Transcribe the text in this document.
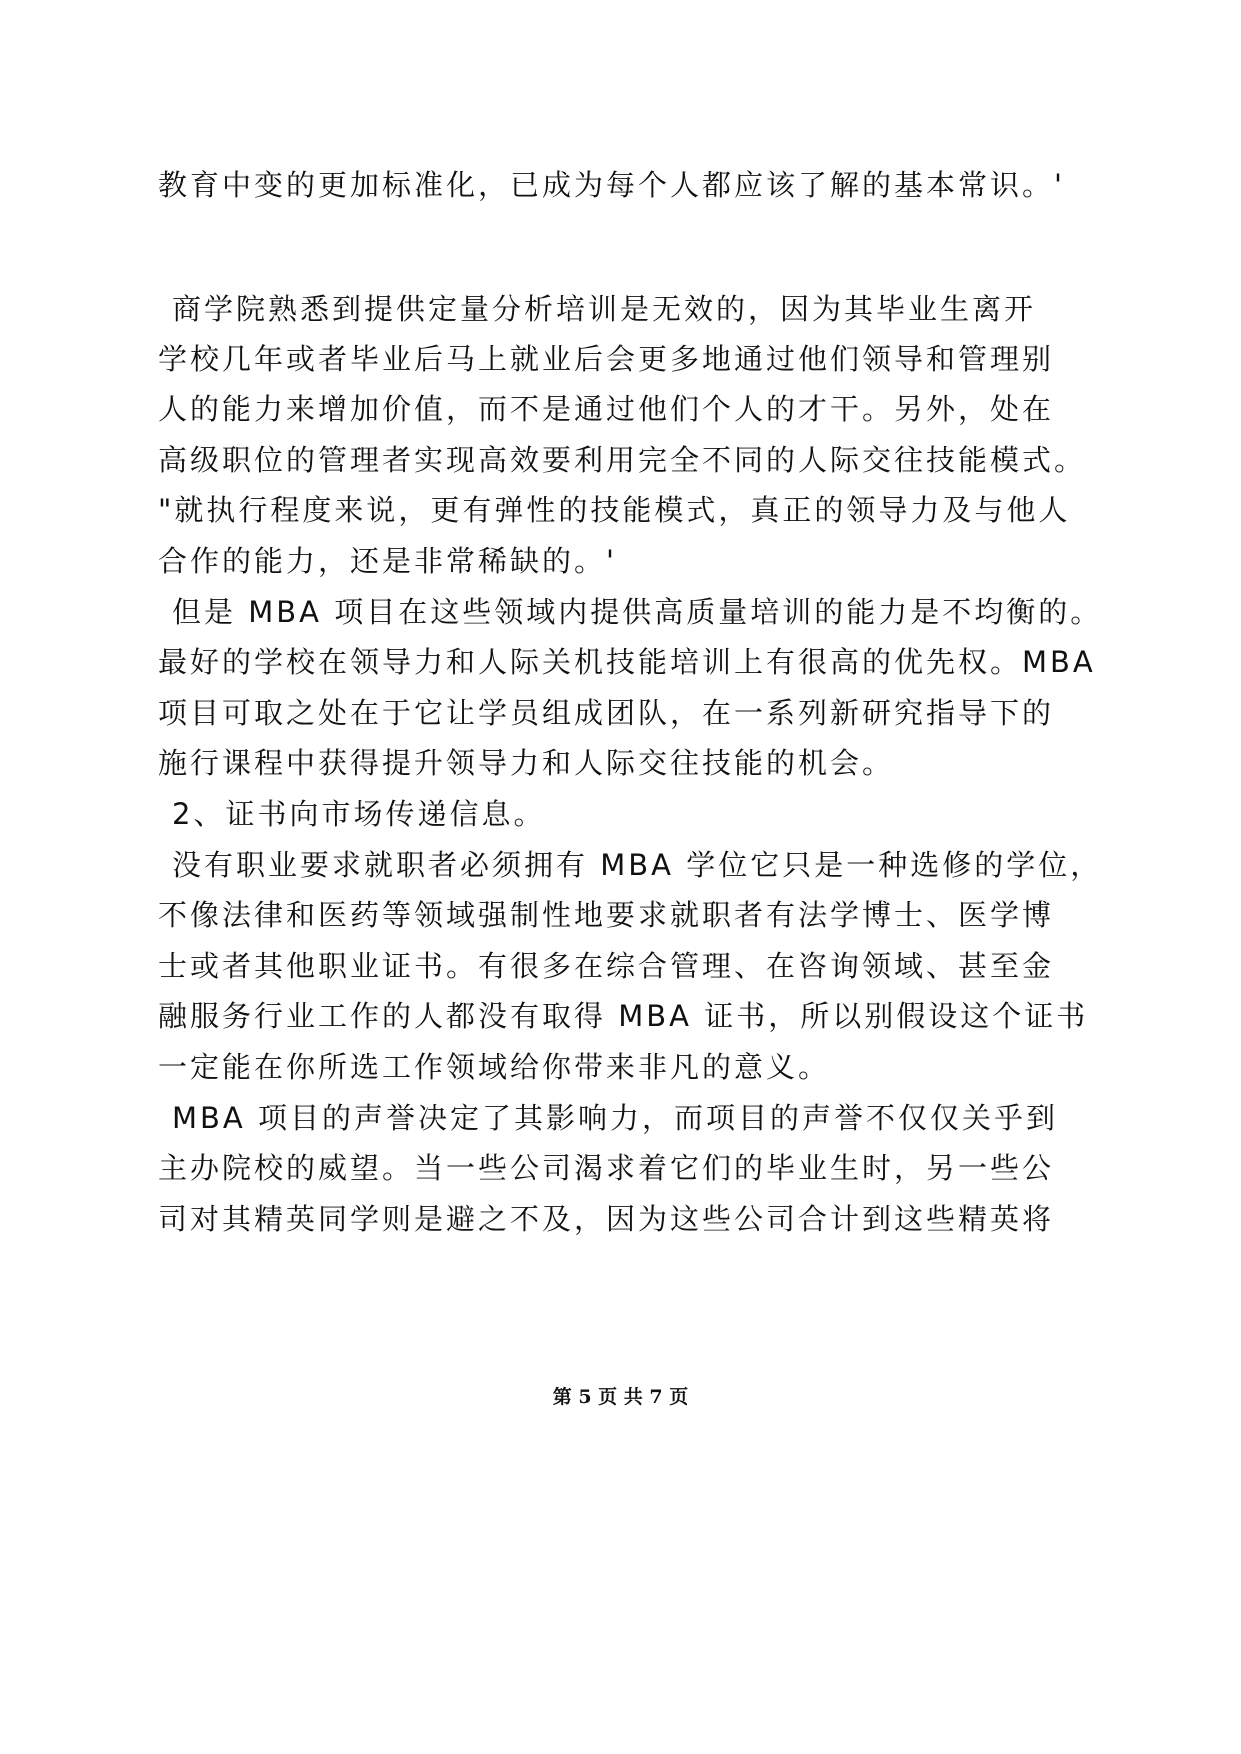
教育中变的更加标准化，已成为每个人都应该了解的基本常识。'
商学院熟悉到提供定量分析培训是无效的，因为其毕业生离开
学校几年或者毕业后马上就业后会更多地通过他们领导和管理别
人的能力来增加价值，而不是通过他们个人的才干。另外，处在
高级职位的管理者实现高效要利用完全不同的人际交往技能模式。
"就执行程度来说，更有弹性的技能模式，真正的领导力及与他人
合作的能力，还是非常稀缺的。'
但是 MBA 项目在这些领域内提供高质量培训的能力是不均衡的。
最好的学校在领导力和人际关机技能培训上有很高的优先权。MBA
项目可取之处在于它让学员组成团队，在一系列新研究指导下的
施行课程中获得提升领导力和人际交往技能的机会。
2、证书向市场传递信息。
没有职业要求就职者必须拥有 MBA 学位它只是一种选修的学位，
不像法律和医药等领域强制性地要求就职者有法学博士、医学博
士或者其他职业证书。有很多在综合管理、在咨询领域、甚至金
融服务行业工作的人都没有取得 MBA 证书，所以别假设这个证书
一定能在你所选工作领域给你带来非凡的意义。
MBA 项目的声誉决定了其影响力，而项目的声誉不仅仅关乎到
主办院校的威望。当一些公司渴求着它们的毕业生时，另一些公
司对其精英同学则是避之不及，因为这些公司合计到这些精英将
第 5 页 共 7 页
